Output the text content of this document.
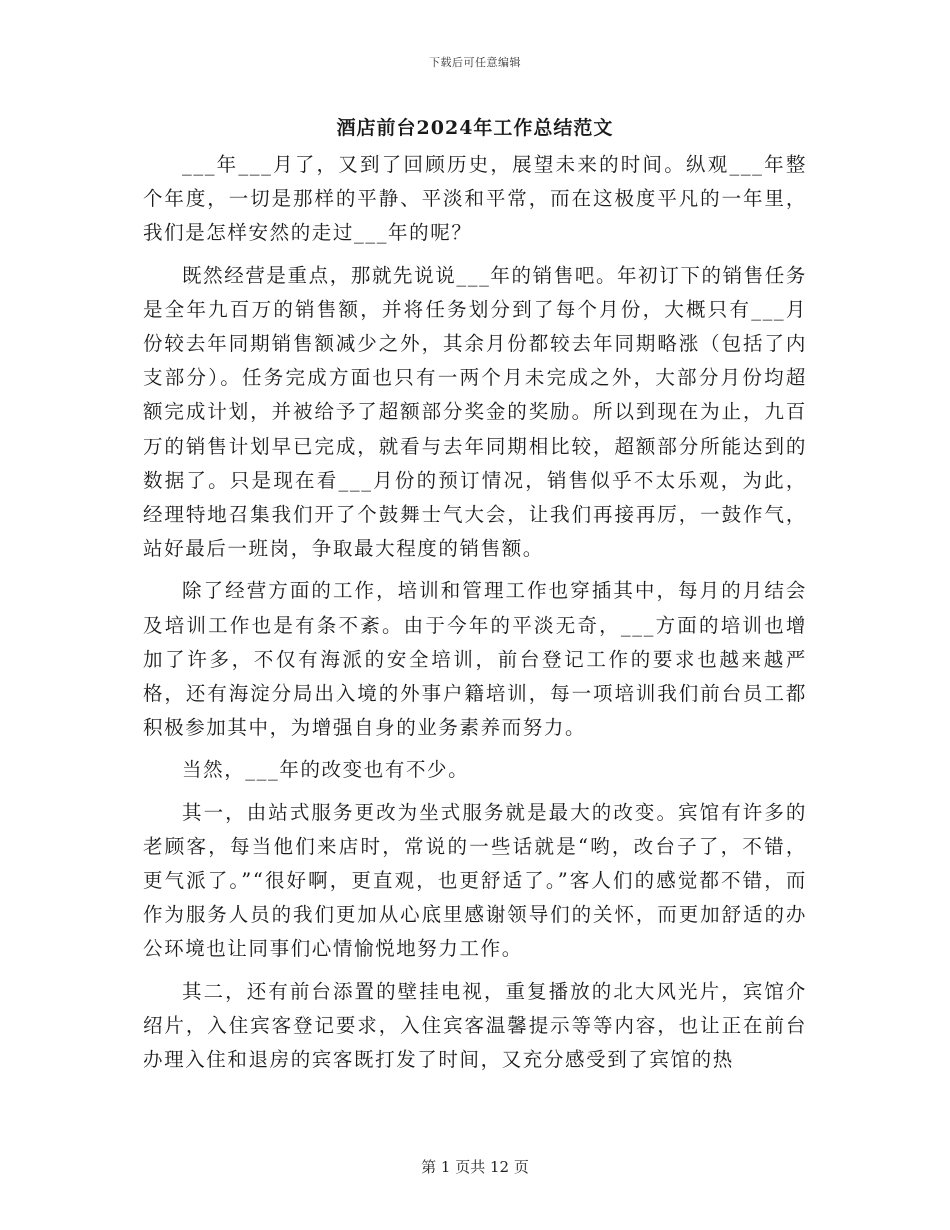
下载后可任意编辑
酒店前台2024年工作总结范文

___年___月了，又到了回顾历史，展望未来的时间。纵观___年整个年度，一切是那样的平静、平淡和平常，而在这极度平凡的一年里，我们是怎样安然的走过___年的呢？

既然经营是重点，那就先说说___年的销售吧。年初订下的销售任务是全年九百万的销售额，并将任务划分到了每个月份，大概只有___月份较去年同期销售额减少之外，其余月份都较去年同期略涨（包括了内支部分）。任务完成方面也只有一两个月未完成之外，大部分月份均超额完成计划，并被给予了超额部分奖金的奖励。所以到现在为止，九百万的销售计划早已完成，就看与去年同期相比较，超额部分所能达到的数据了。只是现在看___月份的预订情况，销售似乎不太乐观，为此，经理特地召集我们开了个鼓舞士气大会，让我们再接再厉，一鼓作气，站好最后一班岗，争取最大程度的销售额。

除了经营方面的工作，培训和管理工作也穿插其中，每月的月结会及培训工作也是有条不紊。由于今年的平淡无奇，___方面的培训也增加了许多，不仅有海派的安全培训，前台登记工作的要求也越来越严格，还有海淀分局出入境的外事户籍培训，每一项培训我们前台员工都积极参加其中，为增强自身的业务素养而努力。

当然，___年的改变也有不少。

其一，由站式服务更改为坐式服务就是最大的改变。宾馆有许多的老顾客，每当他们来店时，常说的一些话就是“哟，改台子了，不错，更气派了。”“很好啊，更直观，也更舒适了。”客人们的感觉都不错，而作为服务人员的我们更加从心底里感谢领导们的关怀，而更加舒适的办公环境也让同事们心情愉悦地努力工作。

其二，还有前台添置的壁挂电视，重复播放的北大风光片，宾馆介绍片，入住宾客登记要求，入住宾客温馨提示等等内容，也让正在前台办理入住和退房的宾客既打发了时间，又充分感受到了宾馆的热

第 1 页共 12 页
